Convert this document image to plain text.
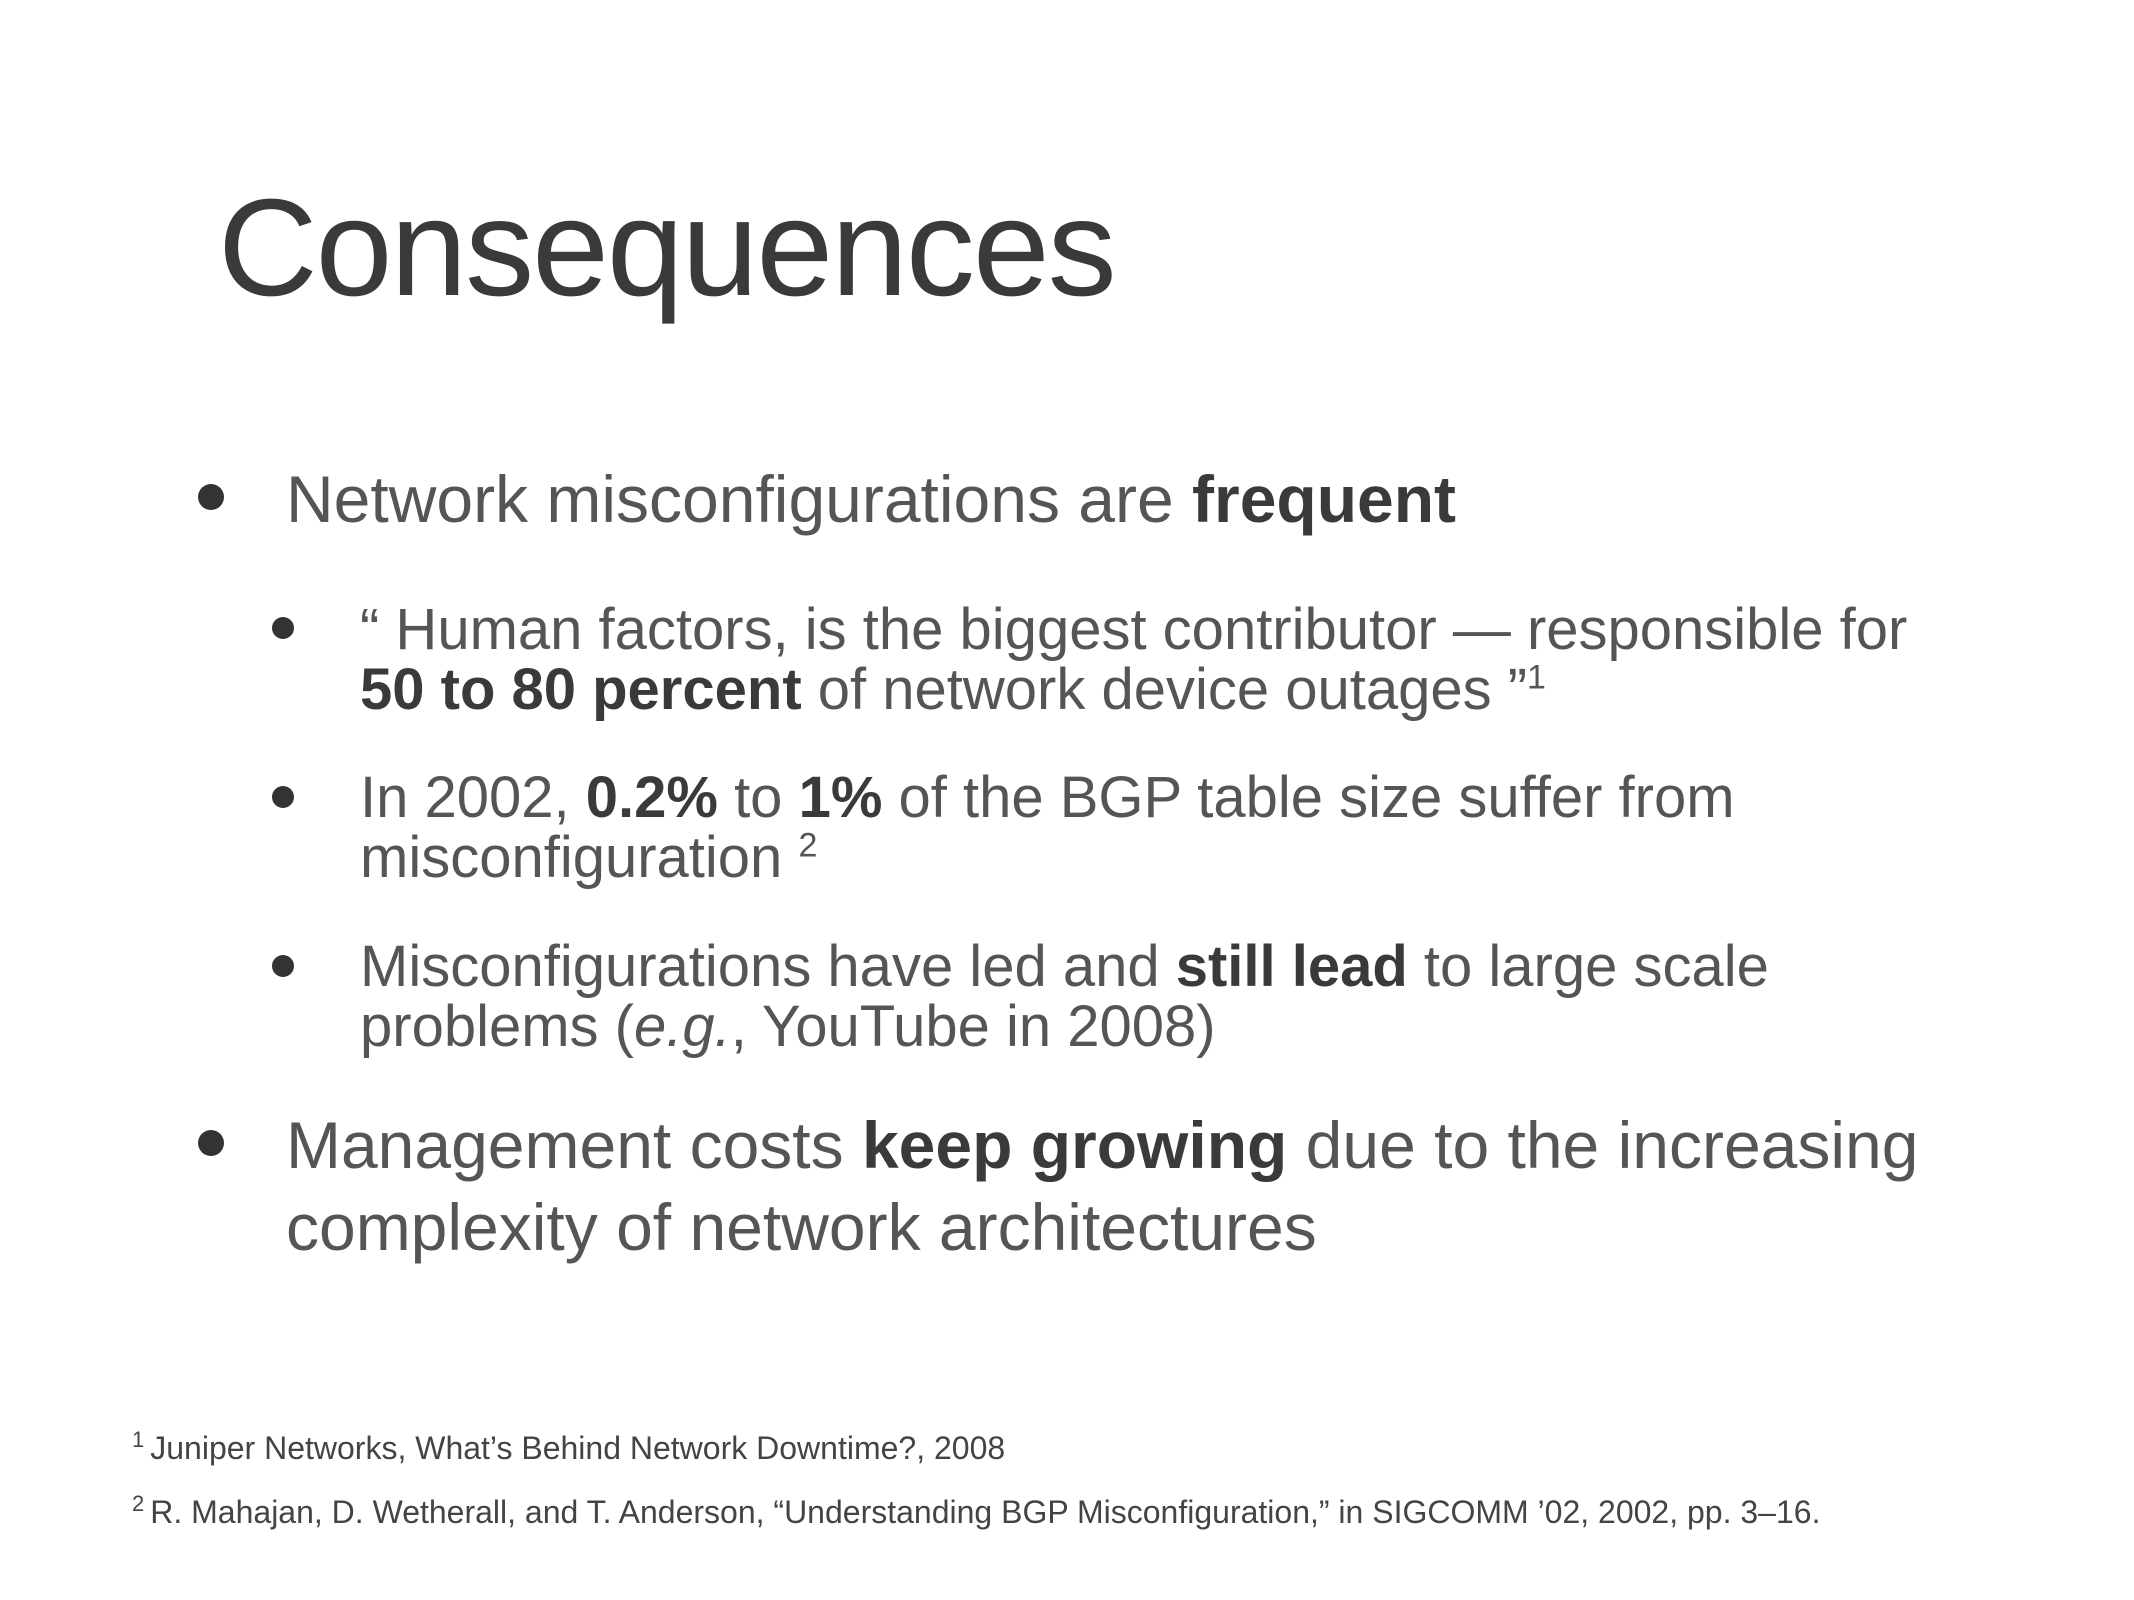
Consequences
Network misconfigurations are frequent
“ Human factors, is the biggest contributor — responsible for
50 to 80 percent of network device outages ”$^1$
In 2002, 0.2% to 1% of the BGP table size suffer from
misconfiguration $^2$
Misconfigurations have led and still lead to large scale
problems (e.g., YouTube in 2008)
Management costs keep growing due to the increasing
complexity of network architectures
$^1$ Juniper Networks, What’s Behind Network Downtime?, 2008
$^2$ R. Mahajan, D. Wetherall, and T. Anderson, “Understanding BGP Misconfiguration,” in SIGCOMM ’02, 2002, pp. 3–16.
